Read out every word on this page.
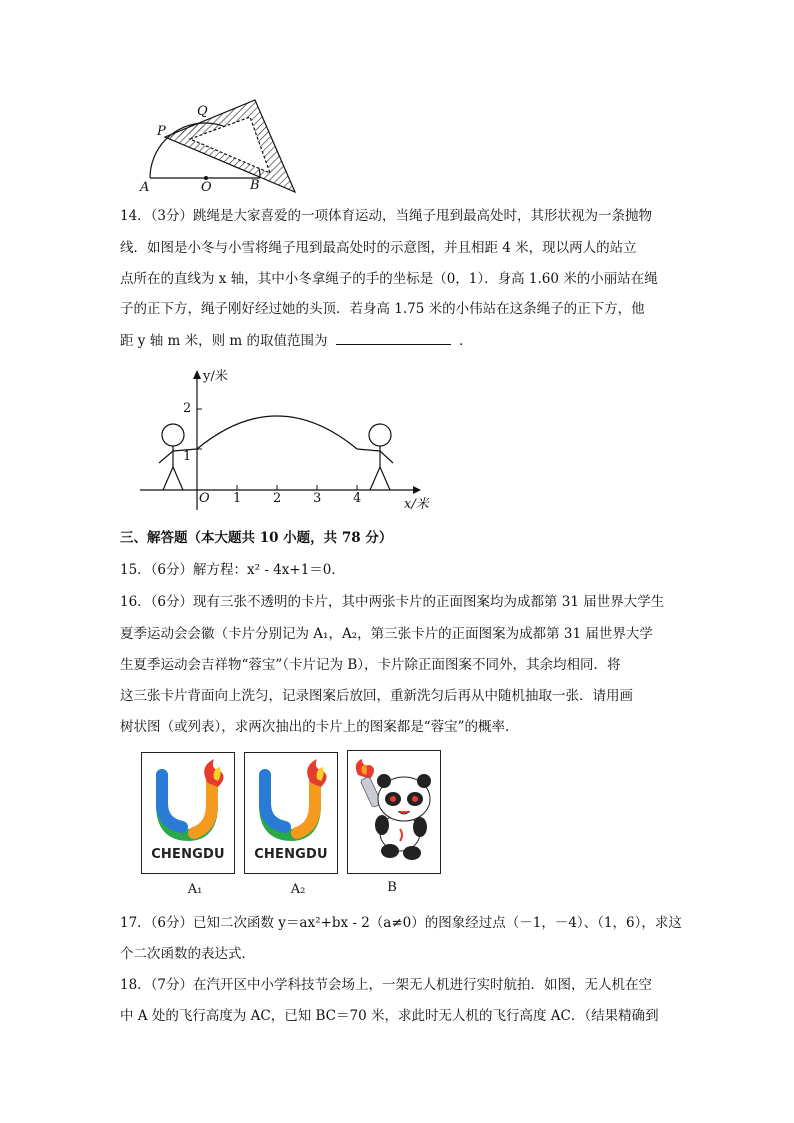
P
Q
A	O	B
14．（3分）跳绳是大家喜爱的一项体育运动，当绳子甩到最高处时，其形状视为一条抛物
线．如图是小冬与小雪将绳子甩到最高处时的示意图，并且相距 4 米，现以两人的站立
点所在的直线为 x 轴，其中小冬拿绳子的手的坐标是（0，1）．身高 1.60 米的小丽站在绳
子的正下方，绳子刚好经过她的头顶．若身高 1.75 米的小伟站在这条绳子的正下方，他
距 y 轴 m 米，则 m 的取值范围为	．
y/米
x/米
O 1 2 3 4
1
2
三、解答题（本大题共 10 小题，共 78 分）
15．（6分）解方程：x² - 4x+1＝0．
16．（6分）现有三张不透明的卡片，其中两张卡片的正面图案均为成都第 31 届世界大学生
夏季运动会会徽（卡片分别记为 A₁，A₂，第三张卡片的正面图案为成都第 31 届世界大学
生夏季运动会吉祥物“蓉宝”（卡片记为 B），卡片除正面图案不同外，其余均相同．将
这三张卡片背面向上洗匀，记录图案后放回，重新洗匀后再从中随机抽取一张．请用画
树状图（或列表），求两次抽出的卡片上的图案都是“蓉宝”的概率．
CHENGDU	CHENGDU
A₁	A₂	B
17．（6分）已知二次函数 y＝ax²+bx - 2（a≠0）的图象经过点（－1，－4）、（1，6），求这
个二次函数的表达式．
18．（7分）在汽开区中小学科技节会场上，一架无人机进行实时航拍．如图，无人机在空
中 A 处的飞行高度为 AC，已知 BC＝70 米，求此时无人机的飞行高度 AC．（结果精确到
